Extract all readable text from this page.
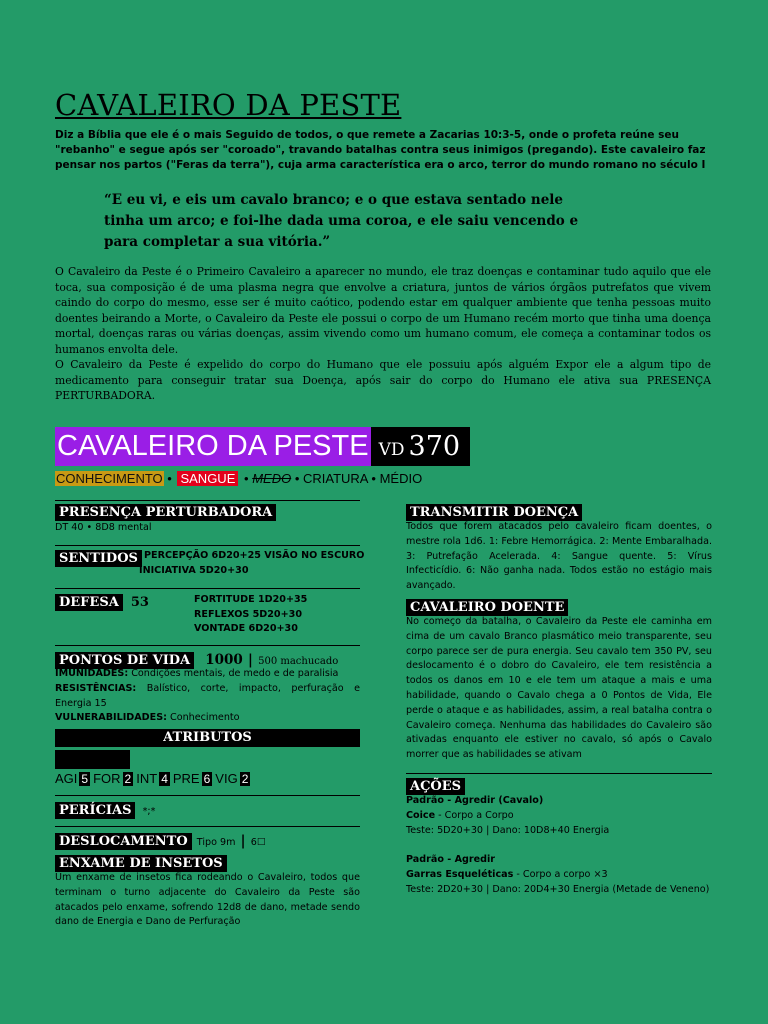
CAVALEIRO DA PESTE
Diz a Bíblia que ele é o mais Seguido de todos, o que remete a Zacarias 10:3-5, onde o profeta reúne seu "rebanho" e segue após ser "coroado", travando batalhas contra seus inimigos (pregando). Este cavaleiro faz pensar nos partos ("Feras da terra"), cuja arma característica era o arco, terror do mundo romano no século I
“E eu vi, e eis um cavalo branco; e o que estava sentado nele tinha um arco; e foi-lhe dada uma coroa, e ele saiu vencendo e para completar a sua vitória.”

O Cavaleiro da Peste é o Primeiro Cavaleiro a aparecer no mundo, ele traz doenças e contaminar tudo aquilo que ele toca, sua composição é de uma plasma negra que envolve a criatura, juntos de vários órgãos putrefatos que vivem caindo do corpo do mesmo, esse ser é muito caótico, podendo estar em qualquer ambiente que tenha pessoas muito doentes beirando a Morte, o Cavaleiro da Peste ele possui o corpo de um Humano recém morto que tinha uma doença mortal, doenças raras ou várias doenças, assim vivendo como um humano comum, ele começa a contaminar todos os humanos envolta dele.

O Cavaleiro da Peste é expelido do corpo do Humano que ele possuiu após alguém Expor ele a algum tipo de medicamento para conseguir tratar sua Doença, após sair do corpo do Humano ele ativa sua PRESENÇA PERTURBADORA.

CAVALEIRO DA PESTE VD 370
CONHECIMENTO • SANGUE • MEDO • CRIATURA • MÉDIO
PRESENÇA PERTURBADORA
DT 40 • 8D8 mental
SENTIDOS PERCEPÇÃO 6D20+25 VISÃO NO ESCURO
INICIATIVA 5D20+30
DEFESA 53	FORTITUDE 1D20+35
REFLEXOS 5D20+30
VONTADE 6D20+30
PONTOS DE VIDA 1000 | 500 machucado
IMUNIDADES: Condições mentais, de medo e de paralisia
RESISTÊNCIAS: Balístico, corte, impacto, perfuração e Energia 15
VULNERABILIDADES: Conhecimento
ATRIBUTOS
AGI 5 FOR 2 INT 4 PRE 6 VIG 2
PERÍCIAS *;*
DESLOCAMENTO Tipo 9m | 6☐
ENXAME DE INSETOS
Um enxame de insetos fica rodeando o Cavaleiro, todos que terminam o turno adjacente do Cavaleiro da Peste são atacados pelo enxame, sofrendo 12d8 de dano, metade sendo dano de Energia e Dano de Perfuração
TRANSMITIR DOENÇA
Todos que forem atacados pelo cavaleiro ficam doentes, o mestre rola 1d6. 1: Febre Hemorrágica. 2: Mente Embaralhada. 3: Putrefação Acelerada. 4: Sangue quente. 5: Vírus Infecticídio. 6: Não ganha nada. Todos estão no estágio mais avançado.
CAVALEIRO DOENTE
No começo da batalha, o Cavaleiro da Peste ele caminha em cima de um cavalo Branco plasmático meio transparente, seu corpo parece ser de pura energia. Seu cavalo tem 350 PV, seu deslocamento é o dobro do Cavaleiro, ele tem resistência a todos os danos em 10 e ele tem um ataque a mais e uma habilidade, quando o Cavalo chega a 0 Pontos de Vida, Ele perde o ataque e as habilidades, assim, a real batalha contra o Cavaleiro começa. Nenhuma das habilidades do Cavaleiro são ativadas enquanto ele estiver no cavalo, só após o Cavalo morrer que as habilidades se ativam
AÇÕES
Padrão - Agredir (Cavalo)
Coice - Corpo a Corpo
Teste: 5D20+30 | Dano: 10D8+40 Energia
Padrão - Agredir
Garras Esqueléticas - Corpo a corpo ×3
Teste: 2D20+30 | Dano: 20D4+30 Energia (Metade de Veneno)
